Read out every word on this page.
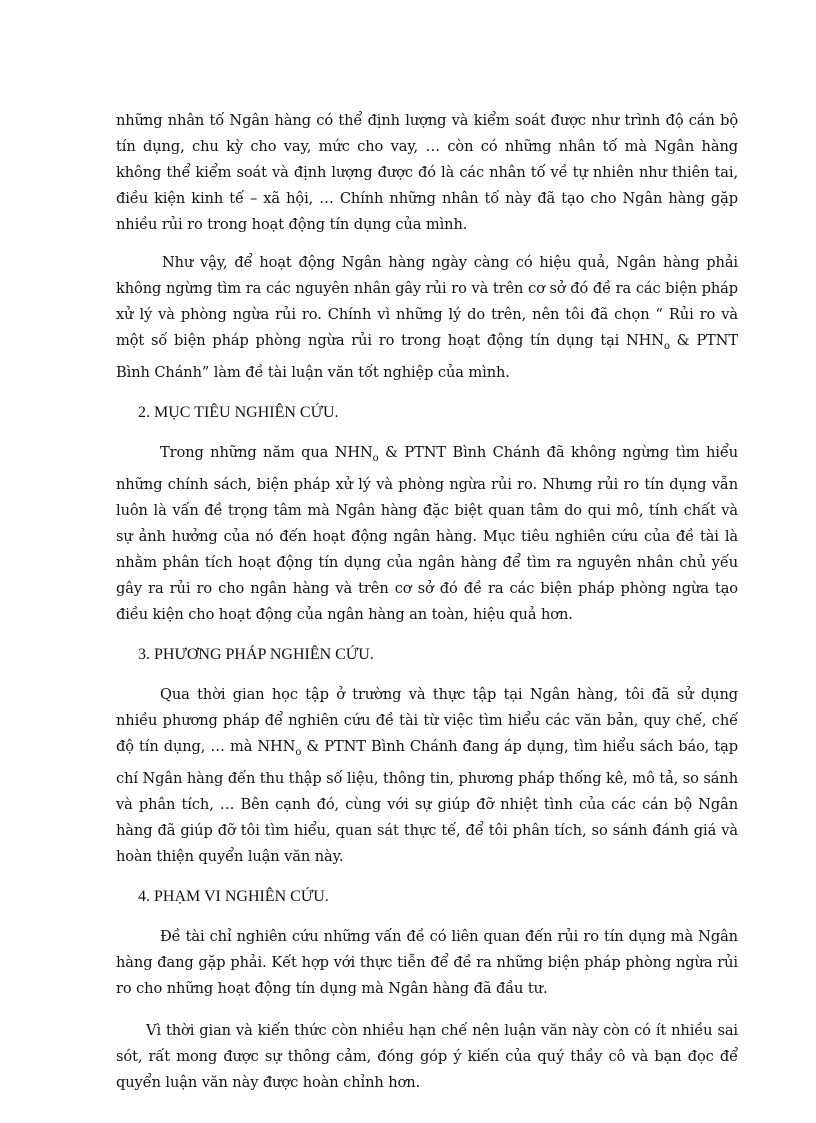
những nhân tố Ngân hàng có thể định lượng và kiểm soát được như trình độ cán bộ tín dụng, chu kỳ cho vay, mức cho vay, … còn có những nhân tố mà Ngân hàng không thể kiểm soát và định lượng được đó là các nhân tố về tự nhiên như thiên tai, điều kiện kinh tế – xã hội, … Chính những nhân tố này đã tạo cho Ngân hàng gặp nhiều rủi ro trong hoạt động tín dụng của mình.

Như vậy, để hoạt động Ngân hàng ngày càng có hiệu quả, Ngân hàng phải không ngừng tìm ra các nguyên nhân gây rủi ro và trên cơ sở đó đề ra các biện pháp xử lý và phòng ngừa rủi ro. Chính vì những lý do trên, nên tôi đã chọn “ Rủi ro và một số biện pháp phòng ngừa rủi ro trong hoạt động tín dụng tại $NHN_o$ & PTNT Bình Chánh” làm đề tài luận văn tốt nghiệp của mình.

2. MỤC TIÊU NGHIÊN CỨU.

Trong những năm qua $NHN_o$ & PTNT Bình Chánh đã không ngừng tìm hiểu những chính sách, biện pháp xử lý và phòng ngừa rủi ro. Nhưng rủi ro tín dụng vẫn luôn là vấn đề trọng tâm mà Ngân hàng đặc biệt quan tâm do qui mô, tính chất và sự ảnh hưởng của nó đến hoạt động ngân hàng. Mục tiêu nghiên cứu của đề tài là nhằm phân tích hoạt động tín dụng của ngân hàng để tìm ra nguyên nhân chủ yếu gây ra rủi ro cho ngân hàng và trên cơ sở đó đề ra các biện pháp phòng ngừa tạo điều kiện cho hoạt động của ngân hàng an toàn, hiệu quả hơn.

3. PHƯƠNG PHÁP NGHIÊN CỨU.

Qua thời gian học tập ở trường và thực tập tại Ngân hàng, tôi đã sử dụng nhiều phương pháp để nghiên cứu đề tài từ việc tìm hiểu các văn bản, quy chế, chế độ tín dụng, … mà $NHN_o$ & PTNT Bình Chánh đang áp dụng, tìm hiểu sách báo, tạp chí Ngân hàng đến thu thập số liệu, thông tin, phương pháp thống kê, mô tả, so sánh và phân tích, … Bên cạnh đó, cùng với sự giúp đỡ nhiệt tình của các cán bộ Ngân hàng đã giúp đỡ tôi tìm hiểu, quan sát thực tế, để tôi phân tích, so sánh đánh giá và hoàn thiện quyển luận văn này.

4. PHẠM VI NGHIÊN CỨU.

Đề tài chỉ nghiên cứu những vấn đề có liên quan đến rủi ro tín dụng mà Ngân hàng đang gặp phải. Kết hợp với thực tiễn để đề ra những biện pháp phòng ngừa rủi ro cho những hoạt động tín dụng mà Ngân hàng đã đầu tư.

Vì thời gian và kiến thức còn nhiều hạn chế nên luận văn này còn có ít nhiều sai sót, rất mong được sự thông cảm, đóng góp ý kiến của quý thầy cô và bạn đọc để quyển luận văn này được hoàn chỉnh hơn.
